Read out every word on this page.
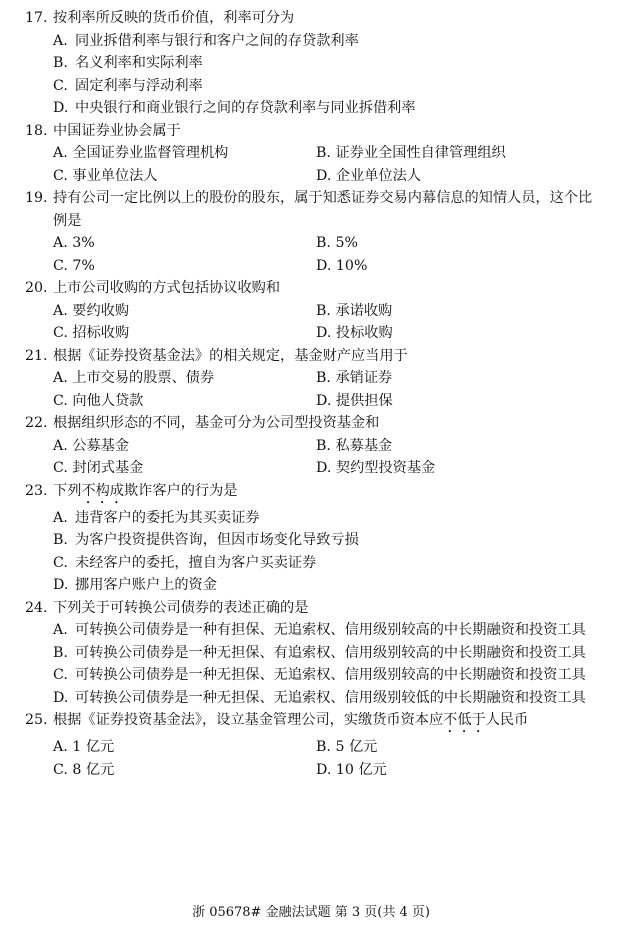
17. 按利率所反映的货币价值，利率可分为
A. 同业拆借利率与银行和客户之间的存贷款利率
B. 名义利率和实际利率
C. 固定利率与浮动利率
D. 中央银行和商业银行之间的存贷款利率与同业拆借利率
18. 中国证券业协会属于
A. 全国证券业监督管理机构	B. 证券业全国性自律管理组织
C. 事业单位法人	D. 企业单位法人
19. 持有公司一定比例以上的股份的股东，属于知悉证券交易内幕信息的知情人员，这个比例是
A. 3%	B. 5%
C. 7%	D. 10%
20. 上市公司收购的方式包括协议收购和
A. 要约收购	B. 承诺收购
C. 招标收购	D. 投标收购
21. 根据《证券投资基金法》的相关规定，基金财产应当用于
A. 上市交易的股票、债券	B. 承销证券
C. 向他人贷款	D. 提供担保
22. 根据组织形态的不同，基金可分为公司型投资基金和
A. 公募基金	B. 私募基金
C. 封闭式基金	D. 契约型投资基金
23. 下列不构成欺诈客户的行为是
A. 违背客户的委托为其买卖证券
B. 为客户投资提供咨询，但因市场变化导致亏损
C. 未经客户的委托，擅自为客户买卖证券
D. 挪用客户账户上的资金
24. 下列关于可转换公司债券的表述正确的是
A. 可转换公司债券是一种有担保、无追索权、信用级别较高的中长期融资和投资工具
B. 可转换公司债券是一种无担保、有追索权、信用级别较高的中长期融资和投资工具
C. 可转换公司债券是一种无担保、无追索权、信用级别较高的中长期融资和投资工具
D. 可转换公司债券是一种无担保、无追索权、信用级别较低的中长期融资和投资工具
25. 根据《证券投资基金法》，设立基金管理公司，实缴货币资本应不低于人民币
A. 1 亿元	B. 5 亿元
C. 8 亿元	D. 10 亿元
浙 05678# 金融法试题 第 3 页(共 4 页)
